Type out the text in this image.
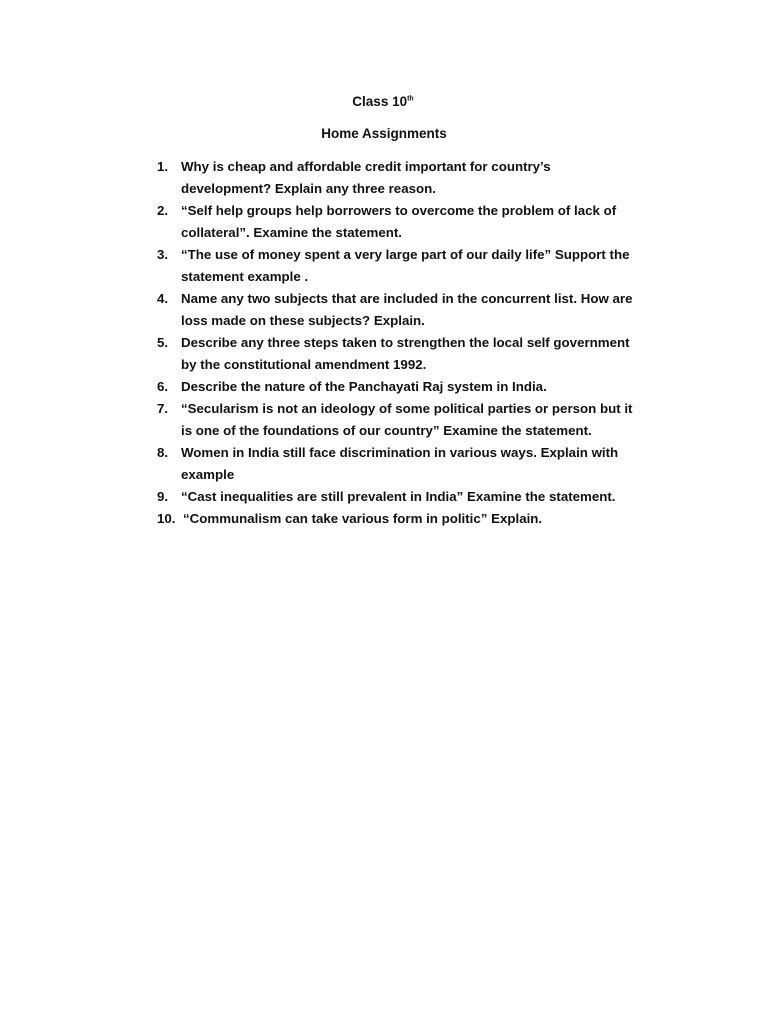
Class 10th
Home Assignments
1. Why is cheap and affordable credit important for country’s
development? Explain any three reason.
2. “Self help groups help borrowers to overcome the problem of lack of
collateral”. Examine the statement.
3. “The use of money spent a very large part of our daily life” Support the
statement example .
4. Name any two subjects that are included in the concurrent list. How are
loss made on these subjects? Explain.
5. Describe any three steps taken to strengthen the local self government
by the constitutional amendment 1992.
6. Describe the nature of the Panchayati Raj system in India.
7. “Secularism is not an ideology of some political parties or person but it
is one of the foundations of our country” Examine the statement.
8. Women in India still face discrimination in various ways. Explain with
example
9. “Cast inequalities are still prevalent in India” Examine the statement.
10. “Communalism can take various form in politic” Explain.
